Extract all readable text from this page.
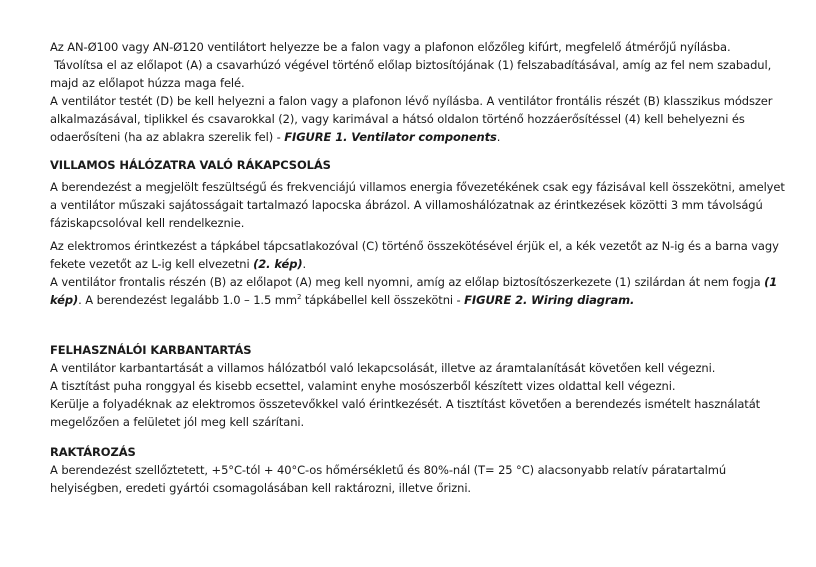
Az AN-Ø100 vagy AN-Ø120 ventilátort helyezze be a falon vagy a plafonon előzőleg kifúrt, megfelelő átmérőjű nyílásba.
Távolítsa el az előlapot (A) a csavarhúzó végével történő előlap biztosítójának (1) felszabadításával, amíg az fel nem szabadul, majd az előlapot húzza maga felé.
A ventilátor testét (D) be kell helyezni a falon vagy a plafonon lévő nyílásba. A ventilátor frontális részét (B) klasszikus módszer alkalmazásával, tiplikkel és csavarokkal (2), vagy karimával a hátsó oldalon történő hozzáerősítéssel (4) kell behelyezni és odaerősíteni (ha az ablakra szerelik fel) - FIGURE 1. Ventilator components.

VILLAMOS HÁLÓZATRA VALÓ RÁKAPCSOLÁS

A berendezést a megjelölt feszültségű és frekvenciájú villamos energia fővezetékének csak egy fázisával kell összekötni, amelyet a ventilátor műszaki sajátosságait tartalmazó lapocska ábrázol. A villamoshálózatnak az érintkezések közötti 3 mm távolságú fáziskapcsolóval kell rendelkeznie.

Az elektromos érintkezést a tápkábel tápcsatlakozóval (C) történő összekötésével érjük el, a kék vezetőt az N-ig és a barna vagy fekete vezetőt az L-ig kell elvezetni (2. kép).
A ventilátor frontalis részén (B) az előlapot (A) meg kell nyomni, amíg az előlap biztosítószerkezete (1) szilárdan át nem fogja (1 kép). A berendezést legalább 1.0 – 1.5 $mm^2$ tápkábellel kell összekötni - FIGURE 2. Wiring diagram.

FELHASZNÁLÓI KARBANTARTÁS

A ventilátor karbantartását a villamos hálózatból való lekapcsolását, illetve az áramtalanítását követően kell végezni.
A tisztítást puha ronggyal és kisebb ecsettel, valamint enyhe mosószerből készített vizes oldattal kell végezni.
Kerülje a folyadéknak az elektromos összetevőkkel való érintkezését. A tisztítást követően a berendezés ismételt használatát megelőzően a felületet jól meg kell szárítani.

RAKTÁROZÁS

A berendezést szellőztetett, +5°C-tól + 40°C-os hőmérsékletű és 80%-nál (T= 25 °C) alacsonyabb relatív páratartalmú helyiségben, eredeti gyártói csomagolásában kell raktározni, illetve őrizni.
